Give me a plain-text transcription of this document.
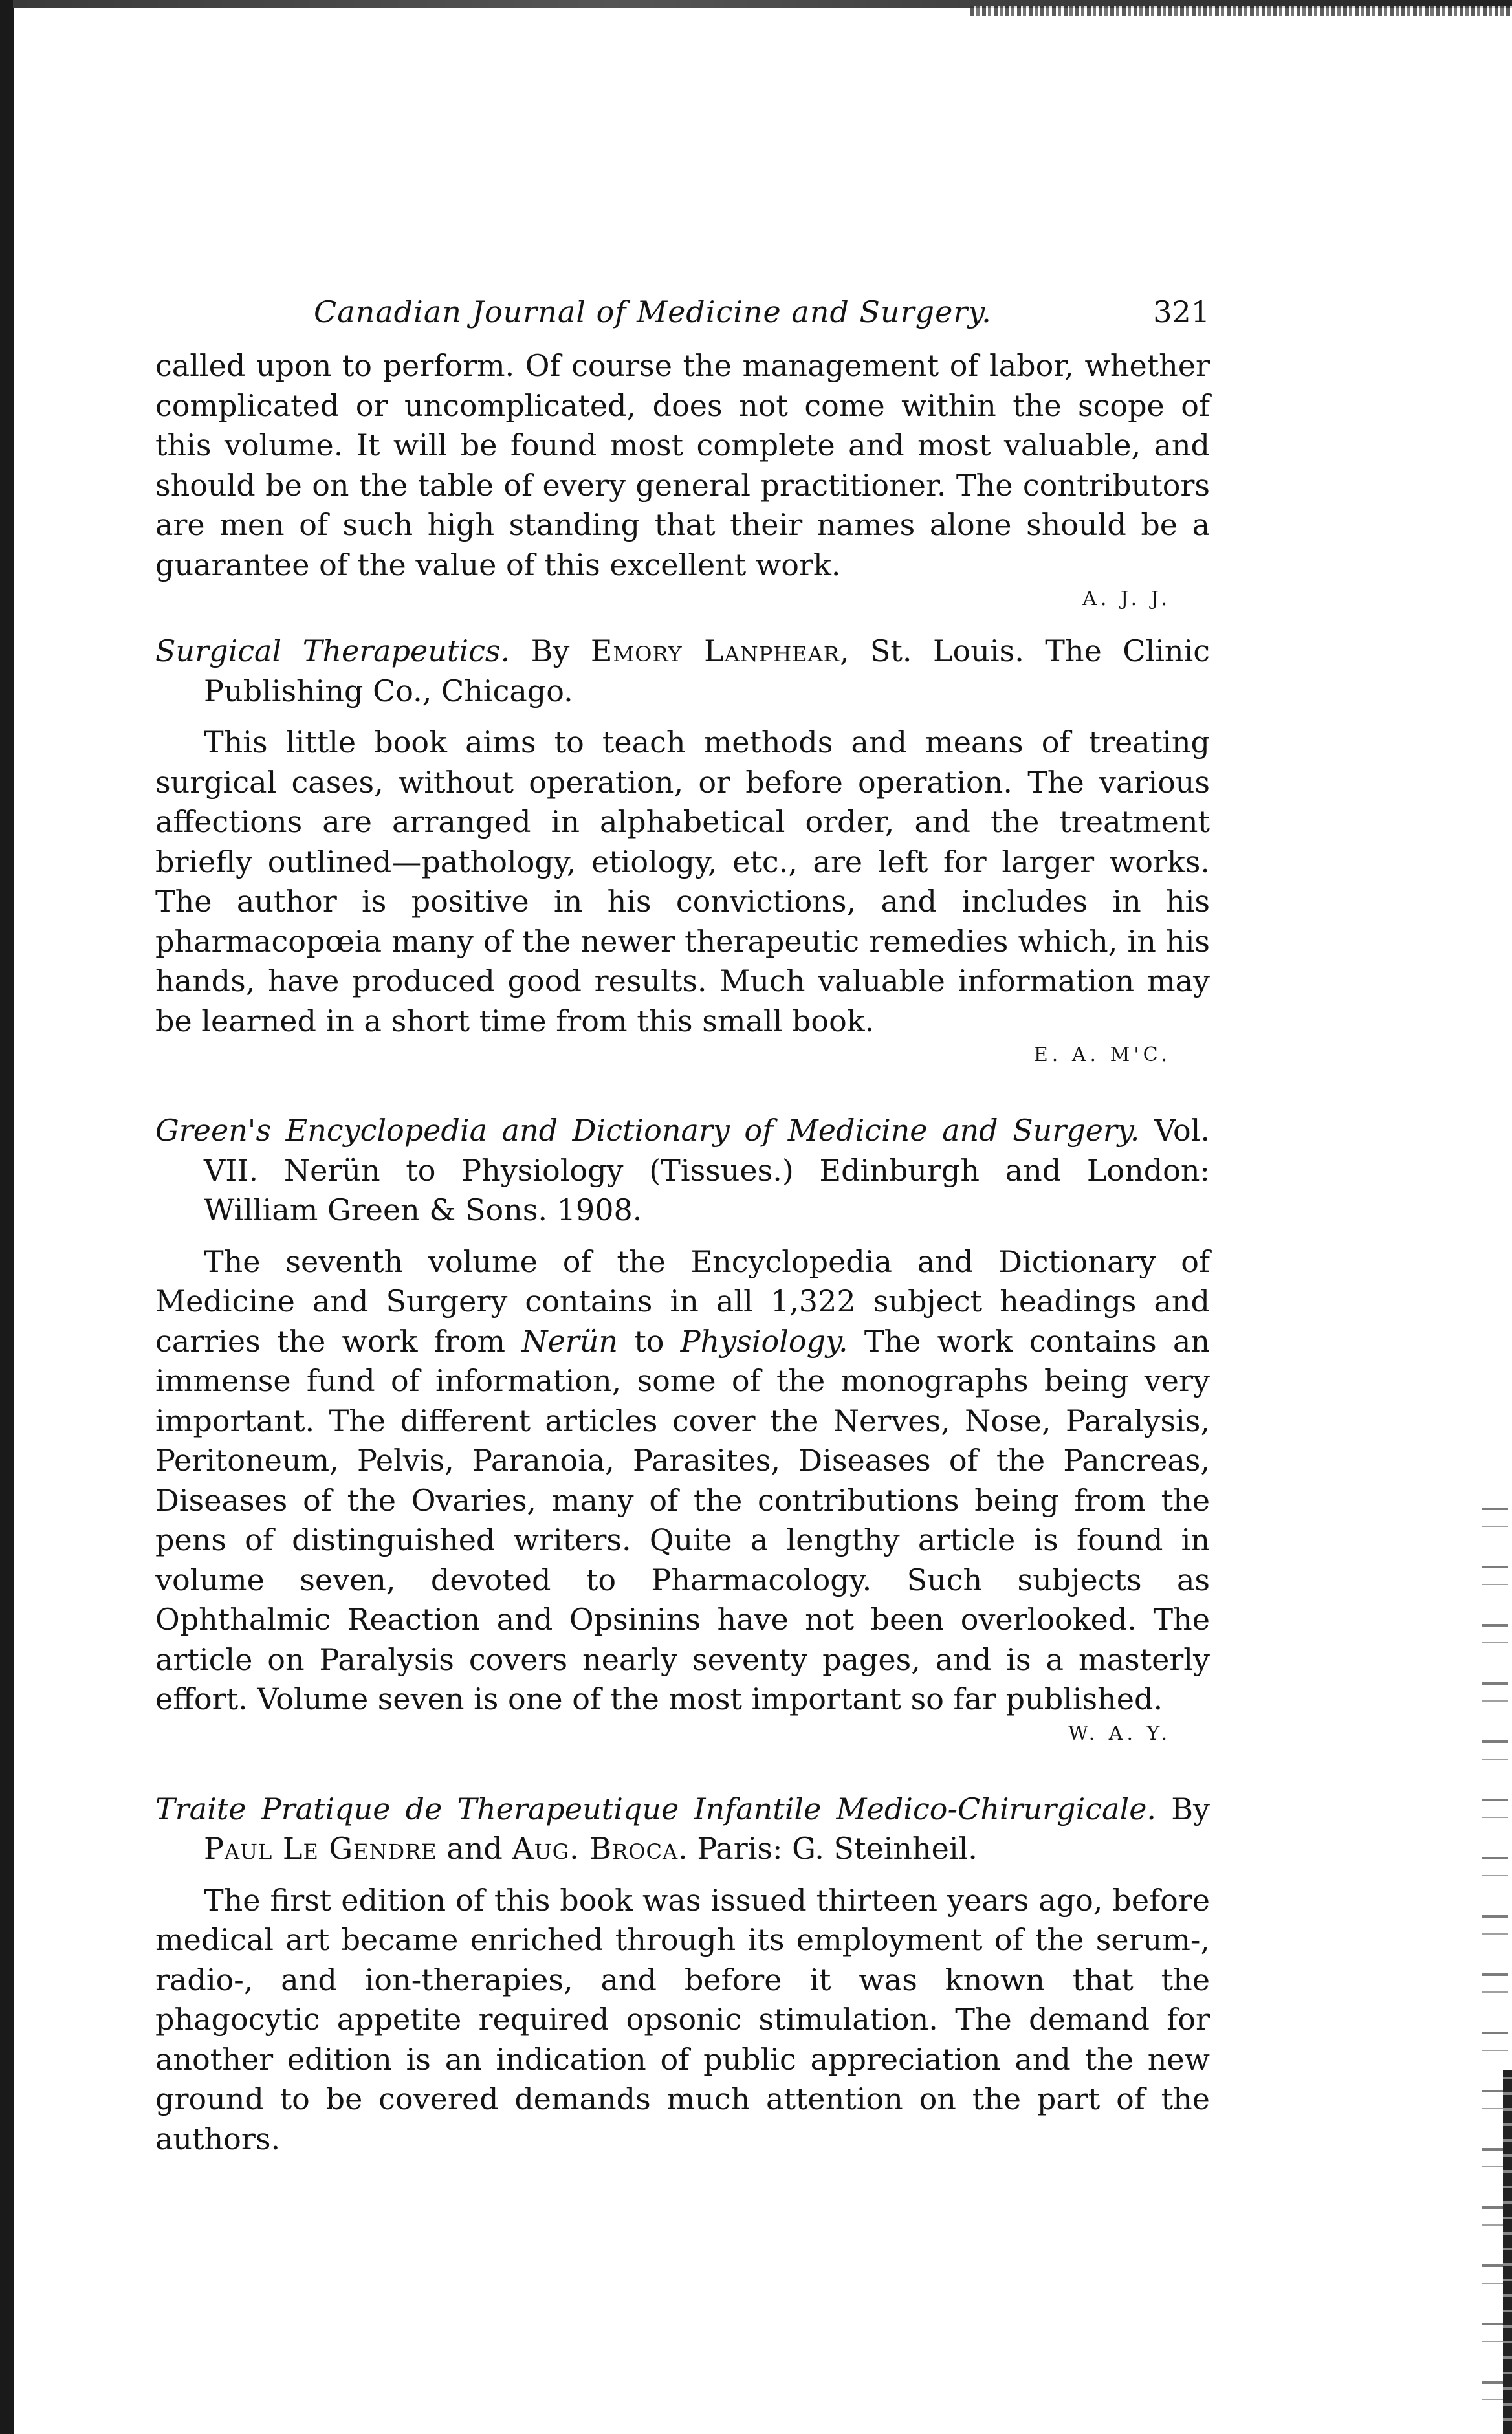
Canadian Journal of Medicine and Surgery.	321

called upon to perform. Of course the management of labor, whether complicated or uncomplicated, does not come within the scope of this volume. It will be found most complete and most valuable, and should be on the table of every general practitioner. The contributors are men of such high standing that their names alone should be a guarantee of the value of this excellent work.

A. J. J.
Surgical Therapeutics. By Emory Lanphear, St. Louis. The Clinic Publishing Co., Chicago.

This little book aims to teach methods and means of treating surgical cases, without operation, or before operation. The various affections are arranged in alphabetical order, and the treatment briefly outlined—pathology, etiology, etc., are left for larger works. The author is positive in his convictions, and includes in his pharmacopœia many of the newer therapeutic remedies which, in his hands, have produced good results. Much valuable information may be learned in a short time from this small book.

E. A. M'C.
Green's Encyclopedia and Dictionary of Medicine and Surgery. Vol. VII. Nerün to Physiology (Tissues.) Edinburgh and London: William Green & Sons. 1908.

The seventh volume of the Encyclopedia and Dictionary of Medicine and Surgery contains in all 1,322 subject headings and carries the work from Nerün to Physiology. The work contains an immense fund of information, some of the monographs being very important. The different articles cover the Nerves, Nose, Paralysis, Peritoneum, Pelvis, Paranoia, Parasites, Diseases of the Pancreas, Diseases of the Ovaries, many of the contributions being from the pens of distinguished writers. Quite a lengthy article is found in volume seven, devoted to Pharmacology. Such subjects as Ophthalmic Reaction and Opsinins have not been overlooked. The article on Paralysis covers nearly seventy pages, and is a masterly effort. Volume seven is one of the most important so far published.

W. A. Y.
Traite Pratique de Therapeutique Infantile Medico-Chirurgicale. By Paul Le Gendre and Aug. Broca. Paris: G. Steinheil.

The first edition of this book was issued thirteen years ago, before medical art became enriched through its employment of the serum-, radio-, and ion-therapies, and before it was known that the phagocytic appetite required opsonic stimulation. The demand for another edition is an indication of public appreciation and the new ground to be covered demands much attention on the part of the authors.
